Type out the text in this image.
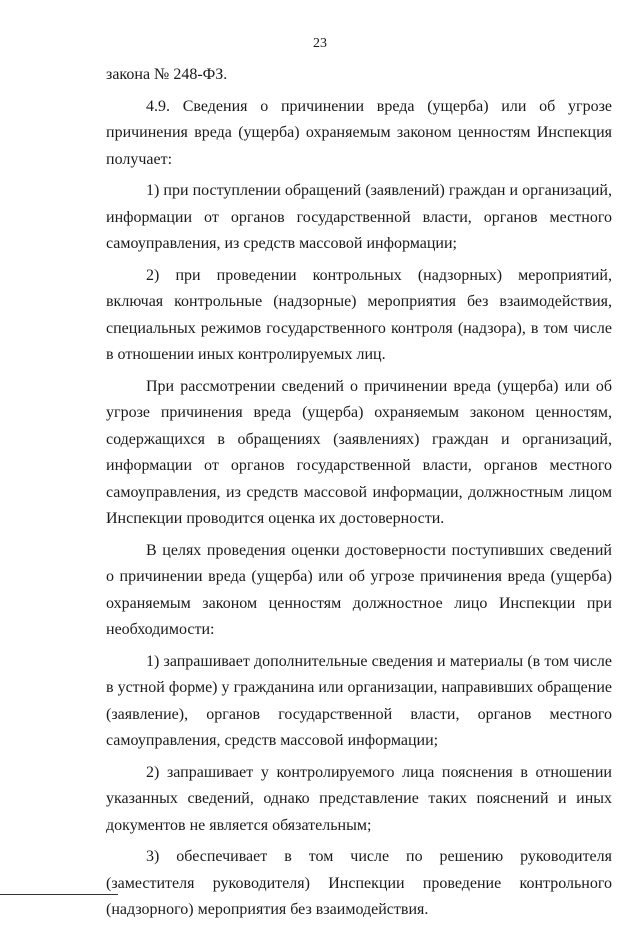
23

закона № 248-ФЗ.

4.9. Сведения о причинении вреда (ущерба) или об угрозе причинения вреда (ущерба) охраняемым законом ценностям Инспекция получает:

1) при поступлении обращений (заявлений) граждан и организаций, информации от органов государственной власти, органов местного самоуправления, из средств массовой информации;

2) при проведении контрольных (надзорных) мероприятий, включая контрольные (надзорные) мероприятия без взаимодействия, специальных режимов государственного контроля (надзора), в том числе в отношении иных контролируемых лиц.

При рассмотрении сведений о причинении вреда (ущерба) или об угрозе причинения вреда (ущерба) охраняемым законом ценностям, содержащихся в обращениях (заявлениях) граждан и организаций, информации от органов государственной власти, органов местного самоуправления, из средств массовой информации, должностным лицом Инспекции проводится оценка их достоверности.

В целях проведения оценки достоверности поступивших сведений о причинении вреда (ущерба) или об угрозе причинения вреда (ущерба) охраняемым законом ценностям должностное лицо Инспекции при необходимости:

1) запрашивает дополнительные сведения и материалы (в том числе в устной форме) у гражданина или организации, направивших обращение (заявление), органов государственной власти, органов местного самоуправления, средств массовой информации;

2) запрашивает у контролируемого лица пояснения в отношении указанных сведений, однако представление таких пояснений и иных документов не является обязательным;

3) обеспечивает в том числе по решению руководителя (заместителя руководителя) Инспекции проведение контрольного (надзорного) мероприятия без взаимодействия.
